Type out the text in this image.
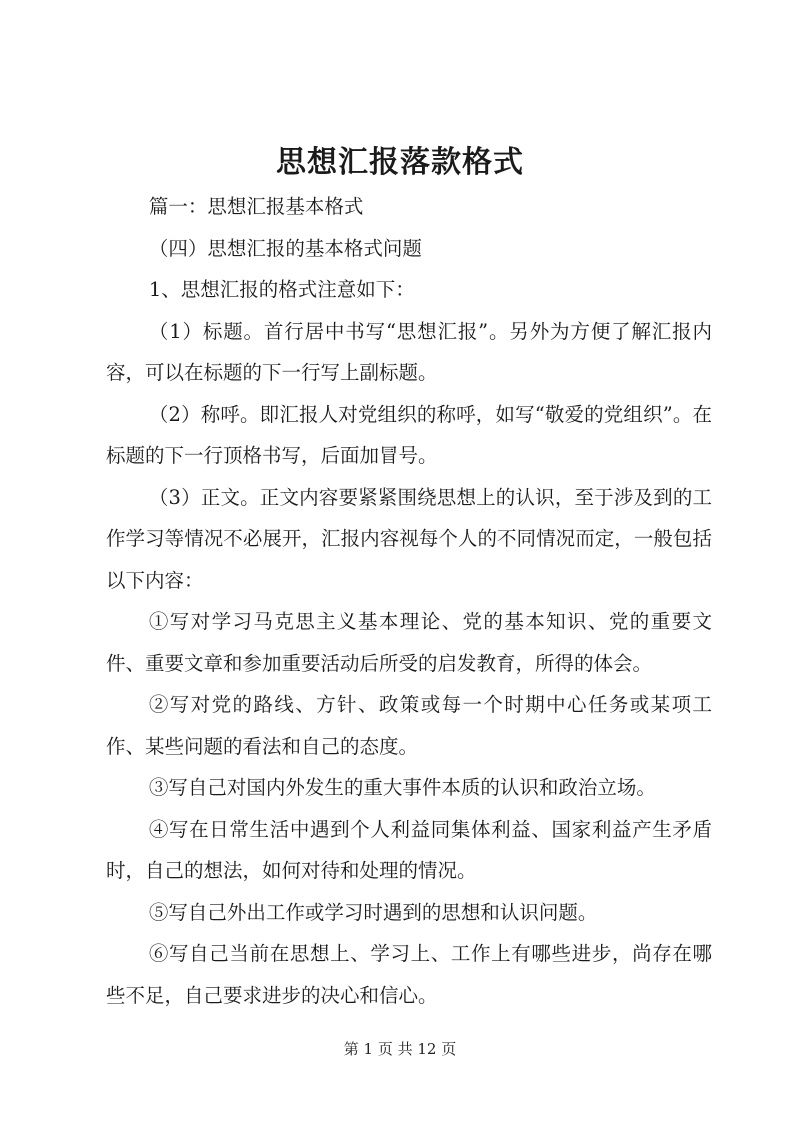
思想汇报落款格式

篇一：思想汇报基本格式

（四）思想汇报的基本格式问题

1、思想汇报的格式注意如下：

（1）标题。首行居中书写“思想汇报”。另外为方便了解汇报内容，可以在标题的下一行写上副标题。

（2）称呼。即汇报人对党组织的称呼，如写“敬爱的党组织”。在标题的下一行顶格书写，后面加冒号。

（3）正文。正文内容要紧紧围绕思想上的认识，至于涉及到的工作学习等情况不必展开，汇报内容视每个人的不同情况而定，一般包括以下内容：

①写对学习马克思主义基本理论、党的基本知识、党的重要文件、重要文章和参加重要活动后所受的启发教育，所得的体会。

②写对党的路线、方针、政策或每一个时期中心任务或某项工作、某些问题的看法和自己的态度。

③写自己对国内外发生的重大事件本质的认识和政治立场。

④写在日常生活中遇到个人利益同集体利益、国家利益产生矛盾时，自己的想法，如何对待和处理的情况。

⑤写自己外出工作或学习时遇到的思想和认识问题。

⑥写自己当前在思想上、学习上、工作上有哪些进步，尚存在哪些不足，自己要求进步的决心和信心。

第 1 页 共 12 页
